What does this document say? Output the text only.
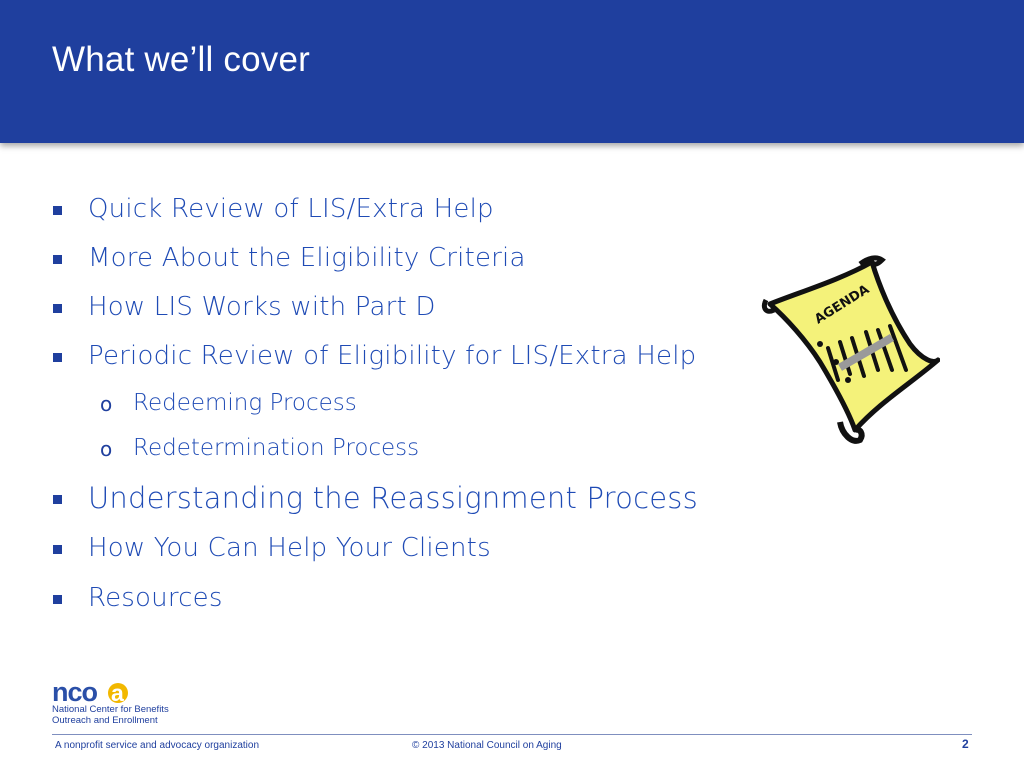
What we’ll cover
Quick Review of LIS/Extra Help
More About the Eligibility Criteria
How LIS Works with Part D
Periodic Review of Eligibility for LIS/Extra Help
o Redeeming Process
o Redetermination Process
Understanding the Reassignment Process
How You Can Help Your Clients
Resources
AGENDA
nco a
National Center for Benefits
Outreach and Enrollment
A nonprofit service and advocacy organization	© 2013 National Council on Aging	2
